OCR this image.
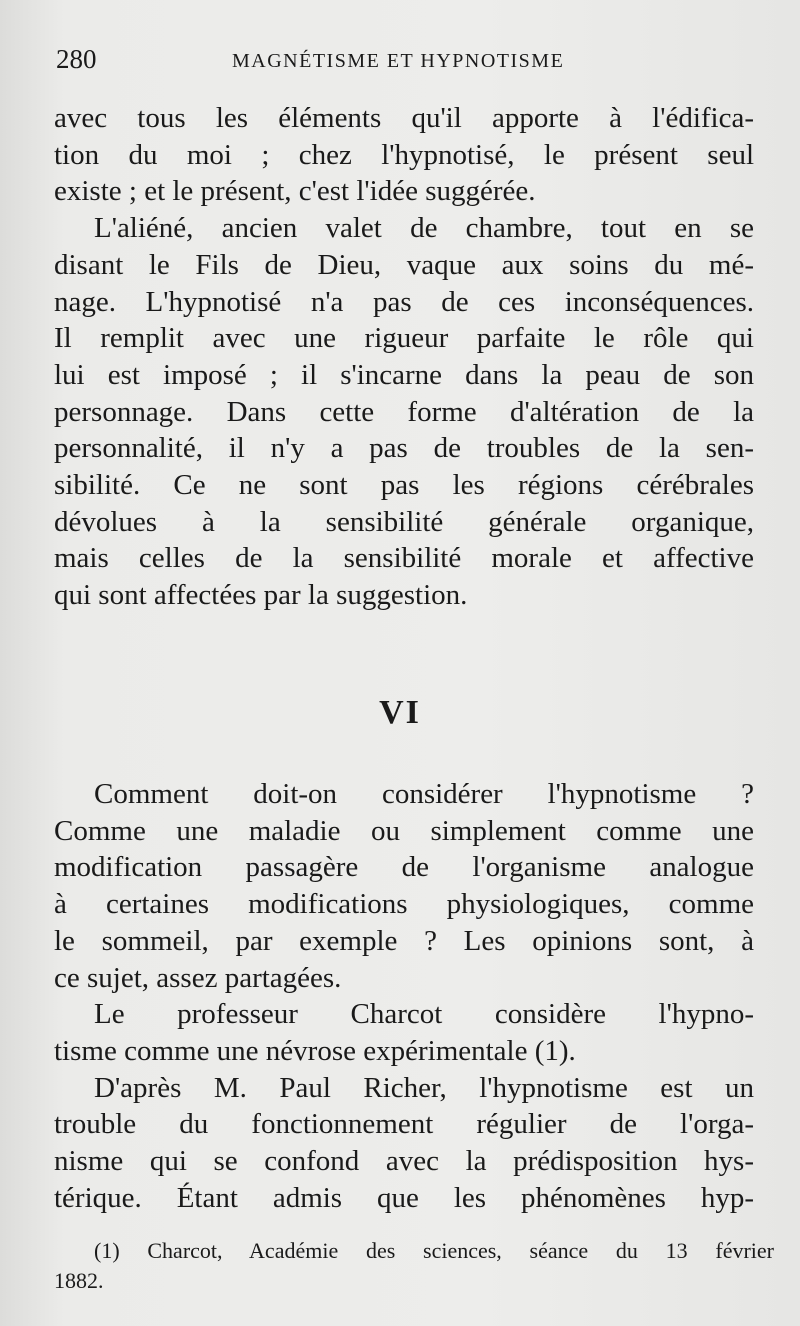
280	MAGNÉTISME ET HYPNOTISME
avec tous les éléments qu'il apporte à l'édifica-
tion du moi ; chez l'hypnotisé, le présent seul
existe ; et le présent, c'est l'idée suggérée.
L'aliéné, ancien valet de chambre, tout en se
disant le Fils de Dieu, vaque aux soins du mé-
nage. L'hypnotisé n'a pas de ces inconséquences.
Il remplit avec une rigueur parfaite le rôle qui
lui est imposé ; il s'incarne dans la peau de son
personnage. Dans cette forme d'altération de la
personnalité, il n'y a pas de troubles de la sen-
sibilité. Ce ne sont pas les régions cérébrales
dévolues à la sensibilité générale organique,
mais celles de la sensibilité morale et affective
qui sont affectées par la suggestion.
VI
Comment doit-on considérer l'hypnotisme ?
Comme une maladie ou simplement comme une
modification passagère de l'organisme analogue
à certaines modifications physiologiques, comme
le sommeil, par exemple ? Les opinions sont, à
ce sujet, assez partagées.
Le professeur Charcot considère l'hypno-
tisme comme une névrose expérimentale (1).
D'après M. Paul Richer, l'hypnotisme est un
trouble du fonctionnement régulier de l'orga-
nisme qui se confond avec la prédisposition hys-
térique. Étant admis que les phénomènes hyp-
(1) Charcot, Académie des sciences, séance du 13 février
1882.
